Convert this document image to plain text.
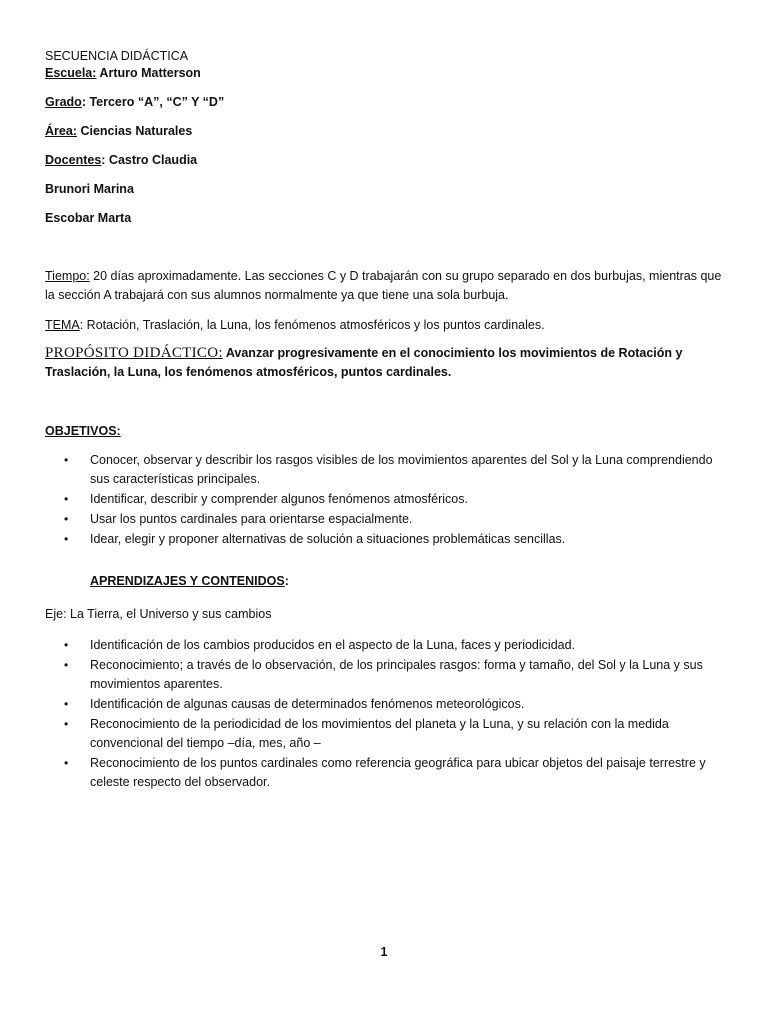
SECUENCIA DIDÁCTICA
Escuela: Arturo Matterson
Grado: Tercero “A”, “C” Y “D”
Área: Ciencias Naturales
Docentes: Castro Claudia
Brunori Marina
Escobar Marta
Tiempo: 20 días aproximadamente. Las secciones C y D trabajarán con su grupo separado en dos burbujas, mientras que la sección A trabajará con sus alumnos normalmente ya que tiene una sola burbuja.
TEMA: Rotación, Traslación, la Luna, los fenómenos atmosféricos y los puntos cardinales.
PROPÓSITO DIDÁCTICO: Avanzar progresivamente en el conocimiento los movimientos de Rotación y Traslación, la Luna, los fenómenos atmosféricos, puntos cardinales.
OBJETIVOS:
• Conocer, observar y describir los rasgos visibles de los movimientos aparentes del Sol y la Luna comprendiendo sus características principales.
• Identificar, describir y comprender algunos fenómenos atmosféricos.
• Usar los puntos cardinales para orientarse espacialmente.
• Idear, elegir y proponer alternativas de solución a situaciones problemáticas sencillas.
APRENDIZAJES Y CONTENIDOS:
Eje: La Tierra, el Universo y sus cambios
• Identificación de los cambios producidos en el aspecto de la Luna, faces y periodicidad.
• Reconocimiento; a través de lo observación, de los principales rasgos: forma y tamaño, del Sol y la Luna y sus movimientos aparentes.
• Identificación de algunas causas de determinados fenómenos meteorológicos.
• Reconocimiento de la periodicidad de los movimientos del planeta y la Luna, y su relación con la medida convencional del tiempo –día, mes, año –
• Reconocimiento de los puntos cardinales como referencia geográfica para ubicar objetos del paisaje terrestre y celeste respecto del observador.
1
